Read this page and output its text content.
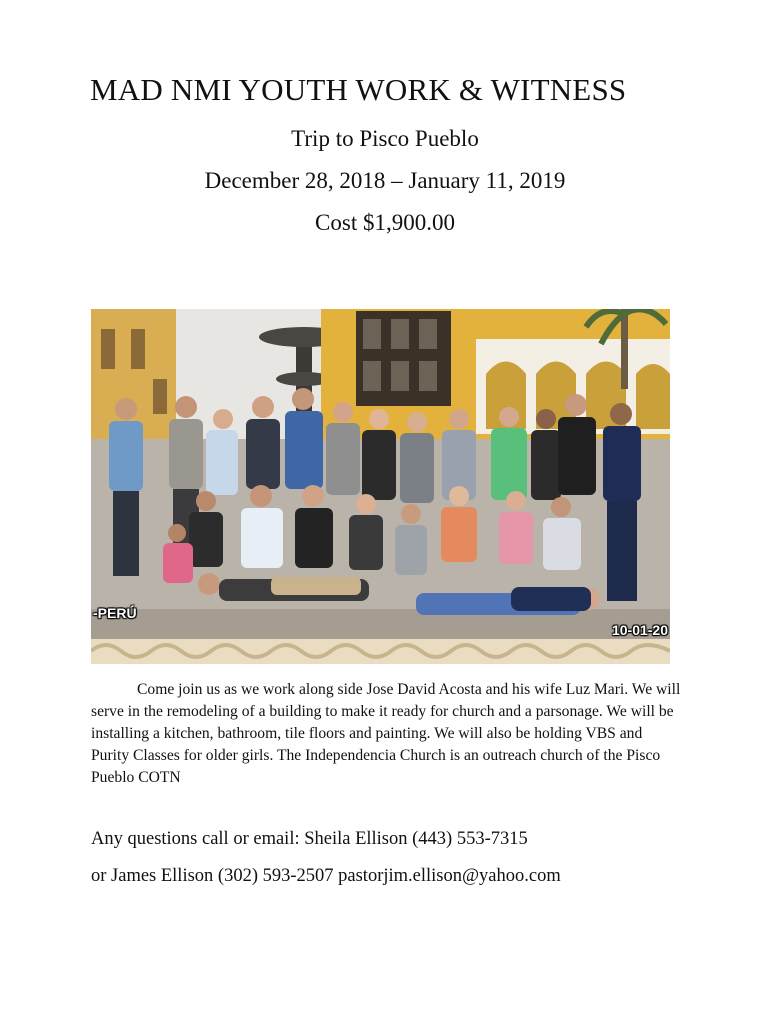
MAD NMI YOUTH WORK & WITNESS
Trip to Pisco Pueblo
December 28, 2018 – January 11, 2019
Cost $1,900.00
-PERÚ
10-01-20

Come join us as we work along side Jose David Acosta and his wife Luz Mari. We will serve in the remodeling of a building to make it ready for church and a parsonage. We will be installing a kitchen, bathroom, tile floors and painting. We will also be holding VBS and Purity Classes for older girls. The Independencia Church is an outreach church of the Pisco Pueblo COTN

Any questions call or email: Sheila Ellison (443) 553-7315
or James Ellison (302) 593-2507 pastorjim.ellison@yahoo.com
